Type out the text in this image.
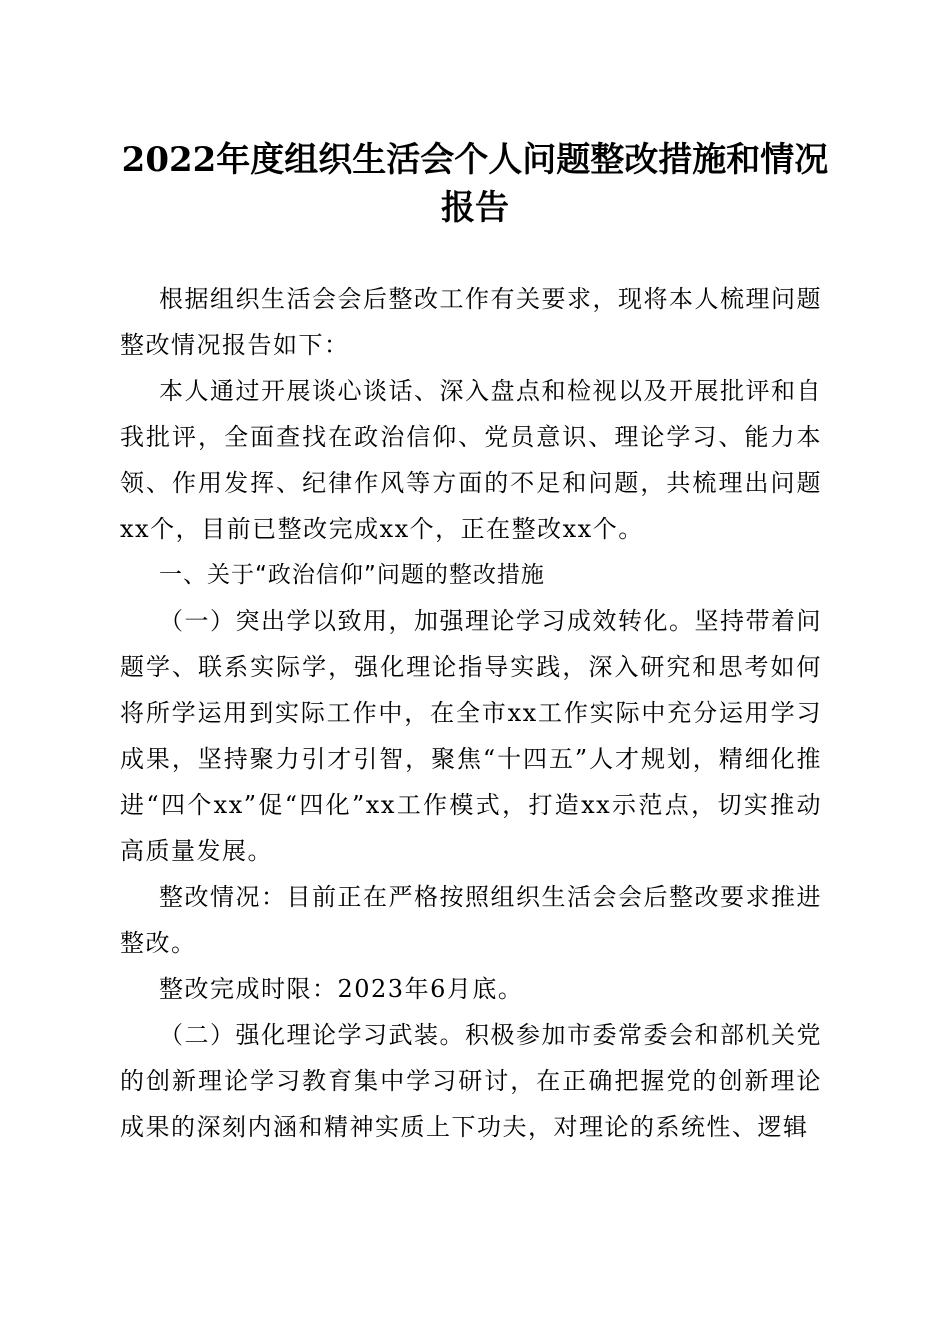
2022年度组织生活会个人问题整改措施和情况报告

根据组织生活会会后整改工作有关要求，现将本人梳理问题整改情况报告如下：

本人通过开展谈心谈话、深入盘点和检视以及开展批评和自我批评，全面查找在政治信仰、党员意识、理论学习、能力本领、作用发挥、纪律作风等方面的不足和问题，共梳理出问题xx个，目前已整改完成xx个，正在整改xx个。

一、关于“政治信仰”问题的整改措施

（一）突出学以致用，加强理论学习成效转化。坚持带着问题学、联系实际学，强化理论指导实践，深入研究和思考如何将所学运用到实际工作中，在全市xx工作实际中充分运用学习成果，坚持聚力引才引智，聚焦“十四五”人才规划，精细化推进“四个xx”促“四化”xx工作模式，打造xx示范点，切实推动高质量发展。

整改情况：目前正在严格按照组织生活会会后整改要求推进整改。

整改完成时限：2023年6月底。

（二）强化理论学习武装。积极参加市委常委会和部机关党的创新理论学习教育集中学习研讨，在正确把握党的创新理论成果的深刻内涵和精神实质上下功夫，对理论的系统性、逻辑
